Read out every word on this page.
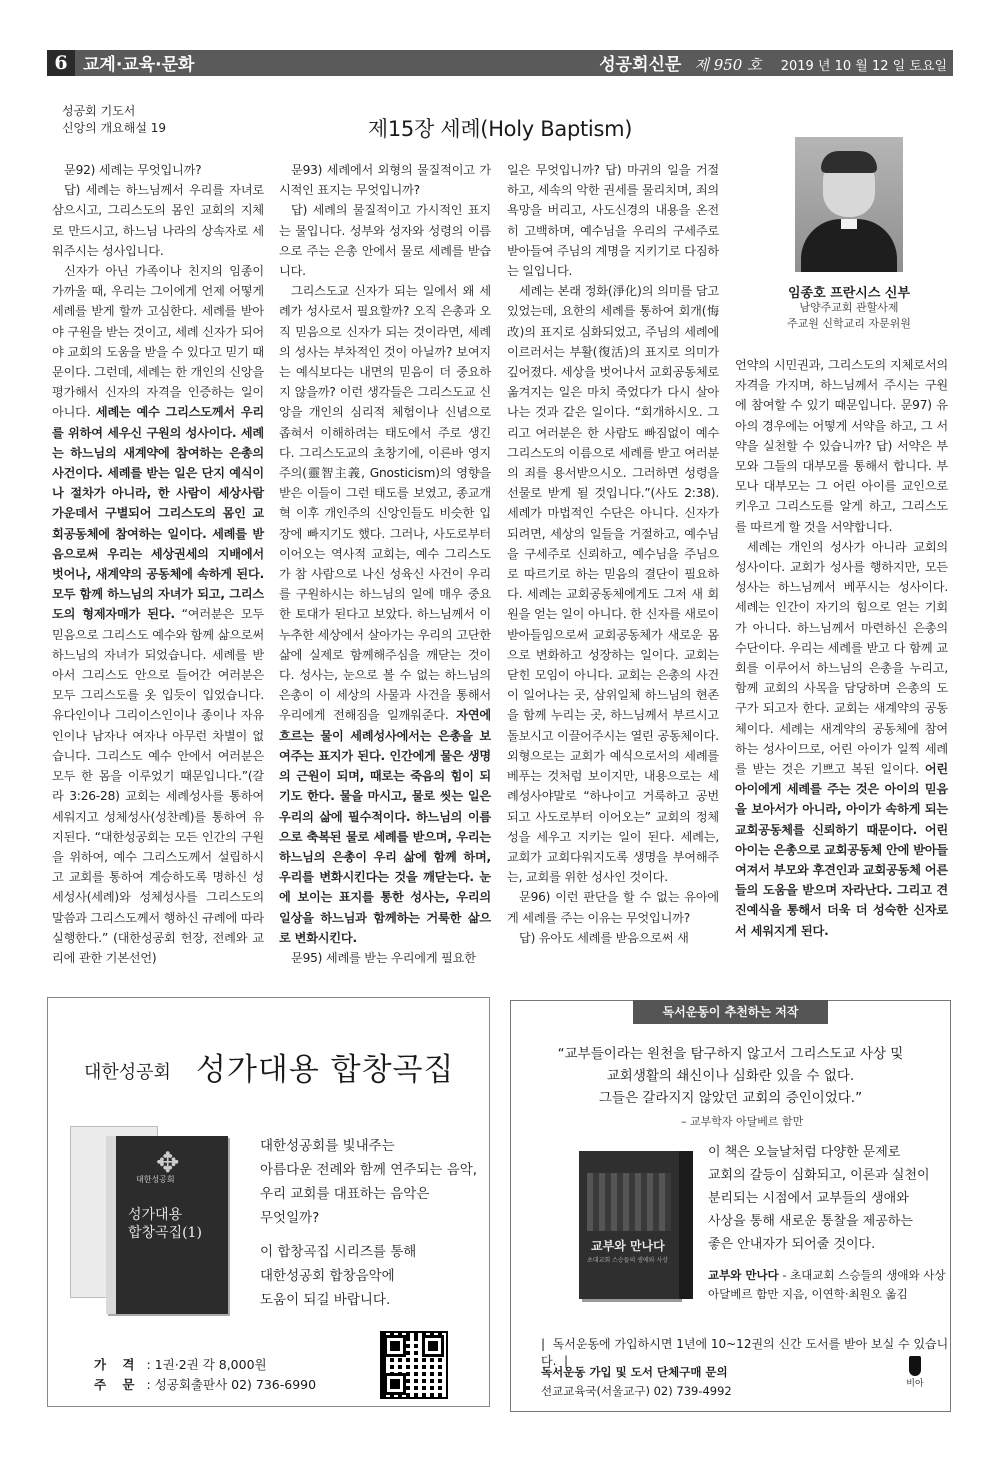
6 교계·교육·문화	성공회신문 제 950 호 2019 년 10 월 12 일 토요일
성공회 기도서
신앙의 개요해설 19	제15장 세례(Holy Baptism)

문92) 세례는 무엇입니까?

답) 세례는 하느님께서 우리를 자녀로 삼으시고, 그리스도의 몸인 교회의 지체로 만드시고, 하느님 나라의 상속자로 세워주시는 성사입니다.

신자가 아닌 가족이나 친지의 임종이 가까울 때, 우리는 그이에게 언제 어떻게 세례를 받게 할까 고심한다. 세례를 받아야 구원을 받는 것이고, 세례 신자가 되어야 교회의 도움을 받을 수 있다고 믿기 때문이다. 그런데, 세례는 한 개인의 신앙을 평가해서 신자의 자격을 인증하는 일이 아니다. 세례는 예수 그리스도께서 우리를 위하여 세우신 구원의 성사이다. 세례는 하느님의 새계약에 참여하는 은총의 사건이다. 세례를 받는 일은 단지 예식이나 절차가 아니라, 한 사람이 세상사람 가운데서 구별되어 그리스도의 몸인 교회공동체에 참여하는 일이다. 세례를 받음으로써 우리는 세상권세의 지배에서 벗어나, 새계약의 공동체에 속하게 된다. 모두 함께 하느님의 자녀가 되고, 그리스도의 형제자매가 된다. “여러분은 모두 믿음으로 그리스도 예수와 함께 삶으로써 하느님의 자녀가 되었습니다. 세례를 받아서 그리스도 안으로 들어간 여러분은 모두 그리스도를 옷 입듯이 입었습니다. 유다인이나 그리이스인이나 종이나 자유인이나 남자나 여자나 아무런 차별이 없습니다. 그리스도 예수 안에서 여러분은 모두 한 몸을 이루었기 때문입니다.”(갈라 3:26-28) 교회는 세례성사를 통하여 세워지고 성체성사(성찬례)를 통하여 유지된다. “대한성공회는 모든 인간의 구원을 위하여, 예수 그리스도께서 설립하시고 교회를 통하여 계승하도록 명하신 성세성사(세례)와 성체성사를 그리스도의 말씀과 그리스도께서 행하신 규례에 따라 실행한다.” (대한성공회 헌장, 전례와 교리에 관한 기본선언)

문93) 세례에서 외형의 물질적이고 가시적인 표지는 무엇입니까?

답) 세례의 물질적이고 가시적인 표지는 물입니다. 성부와 성자와 성령의 이름으로 주는 은총 안에서 물로 세례를 받습니다.

그리스도교 신자가 되는 일에서 왜 세례가 성사로서 필요할까? 오직 은총과 오직 믿음으로 신자가 되는 것이라면, 세례의 성사는 부차적인 것이 아닐까? 보여지는 예식보다는 내면의 믿음이 더 중요하지 않을까? 이런 생각들은 그리스도교 신앙을 개인의 심리적 체험이나 신념으로 좁혀서 이해하려는 태도에서 주로 생긴다. 그리스도교의 초창기에, 이른바 영지주의(靈智主義, Gnosticism)의 영향을 받은 이들이 그런 태도를 보였고, 종교개혁 이후 개인주의 신앙인들도 비슷한 입장에 빠지기도 했다. 그러나, 사도로부터 이어오는 역사적 교회는, 예수 그리스도가 참 사람으로 나신 성육신 사건이 우리를 구원하시는 하느님의 일에 매우 중요한 토대가 된다고 보았다. 하느님께서 이 누추한 세상에서 살아가는 우리의 고단한 삶에 실제로 함께해주심을 깨닫는 것이다. 성사는, 눈으로 볼 수 없는 하느님의 은총이 이 세상의 사물과 사건을 통해서 우리에게 전해짐을 일깨워준다. 자연에 흐르는 물이 세례성사에서는 은총을 보여주는 표지가 된다. 인간에게 물은 생명의 근원이 되며, 때로는 죽음의 힘이 되기도 한다. 물을 마시고, 물로 씻는 일은 우리의 삶에 필수적이다. 하느님의 이름으로 축복된 물로 세례를 받으며, 우리는 하느님의 은총이 우리 삶에 함께 하며, 우리를 변화시킨다는 것을 깨닫는다. 눈에 보이는 표지를 통한 성사는, 우리의 일상을 하느님과 함께하는 거룩한 삶으로 변화시킨다.

문95) 세례를 받는 우리에게 필요한

일은 무엇입니까? 답) 마귀의 일을 거절하고, 세속의 악한 권세를 물리치며, 죄의 욕망을 버리고, 사도신경의 내용을 온전히 고백하며, 예수님을 우리의 구세주로 받아들여 주님의 계명을 지키기로 다짐하는 일입니다.

세례는 본래 정화(淨化)의 의미를 담고 있었는데, 요한의 세례를 통하여 회개(悔改)의 표지로 심화되었고, 주님의 세례에 이르러서는 부활(復活)의 표지로 의미가 깊어졌다. 세상을 벗어나서 교회공동체로 옮겨지는 일은 마치 죽었다가 다시 살아나는 것과 같은 일이다. “회개하시오. 그리고 여러분은 한 사람도 빠짐없이 예수 그리스도의 이름으로 세례를 받고 여러분의 죄를 용서받으시오. 그러하면 성령을 선물로 받게 될 것입니다.”(사도 2:38). 세례가 마법적인 수단은 아니다. 신자가 되려면, 세상의 일들을 거절하고, 예수님을 구세주로 신뢰하고, 예수님을 주님으로 따르기로 하는 믿음의 결단이 필요하다. 세례는 교회공동체에게도 그저 새 회원을 얻는 일이 아니다. 한 신자를 새로이 받아들임으로써 교회공동체가 새로운 몸으로 변화하고 성장하는 일이다. 교회는 닫힌 모임이 아니다. 교회는 은총의 사건이 일어나는 곳, 삼위일체 하느님의 현존을 함께 누리는 곳, 하느님께서 부르시고 돌보시고 이끌어주시는 열린 공동체이다. 외형으로는 교회가 예식으로서의 세례를 베푸는 것처럼 보이지만, 내용으로는 세례성사야말로 “하나이고 거룩하고 공번되고 사도로부터 이어오는” 교회의 정체성을 세우고 지키는 일이 된다. 세례는, 교회가 교회다워지도록 생명을 부여해주는, 교회를 위한 성사인 것이다.

문96) 이런 판단을 할 수 없는 유아에게 세례를 주는 이유는 무엇입니까?

답) 유아도 세례를 받음으로써 새

언약의 시민권과, 그리스도의 지체로서의 자격을 가지며, 하느님께서 주시는 구원에 참여할 수 있기 때문입니다. 문97) 유아의 경우에는 어떻게 서약을 하고, 그 서약을 실천할 수 있습니까? 답) 서약은 부모와 그들의 대부모를 통해서 합니다. 부모나 대부모는 그 어린 아이를 교인으로 키우고 그리스도를 알게 하고, 그리스도를 따르게 할 것을 서약합니다.

세례는 개인의 성사가 아니라 교회의 성사이다. 교회가 성사를 행하지만, 모든 성사는 하느님께서 베푸시는 성사이다. 세례는 인간이 자기의 힘으로 얻는 기회가 아니다. 하느님께서 마련하신 은총의 수단이다. 우리는 세례를 받고 다 함께 교회를 이루어서 하느님의 은총을 누리고, 함께 교회의 사목을 담당하며 은총의 도구가 되고자 한다. 교회는 새계약의 공동체이다. 세례는 새계약의 공동체에 참여하는 성사이므로, 어린 아이가 일찍 세례를 받는 것은 기쁘고 복된 일이다. 어린 아이에게 세례를 주는 것은 아이의 믿음을 보아서가 아니라, 아이가 속하게 되는 교회공동체를 신뢰하기 때문이다. 어린 아이는 은총으로 교회공동체 안에 받아들여져서 부모와 후견인과 교회공동체 어른들의 도움을 받으며 자라난다. 그리고 견진예식을 통해서 더욱 더 성숙한 신자로서 세워지게 된다.

임종호 프란시스 신부
남양주교회 관할사제
주교원 신학교리 자문위원
대한성공회 성가대용 합창곡집
✥
대한성공회
성가대용
합창곡집(1)
대한성공회를 빛내주는
아름다운 전례와 함께 연주되는 음악,
우리 교회를 대표하는 음악은
무엇일까?
이 합창곡집 시리즈를 통해
대한성공회 합창음악에
도움이 되길 바랍니다.
가 격 : 1권·2권 각 8,000원
주 문 : 성공회출판사 02) 736-6990
독서운동이 추천하는 저작
“교부들이라는 원천을 탐구하지 않고서 그리스도교 사상 및
교회생활의 쇄신이나 심화란 있을 수 없다.
그들은 갈라지지 않았던 교회의 증인이었다.”
– 교부학자 아달베르 함만
교부와 만나다
초대교회 스승들의 생애와 사상
이 책은 오늘날처럼 다양한 문제로
교회의 갈등이 심화되고, 이론과 실천이
분리되는 시점에서 교부들의 생애와
사상을 통해 새로운 통찰을 제공하는
좋은 안내자가 되어줄 것이다.
교부와 만나다 - 초대교회 스승들의 생애와 사상
아달베르 함만 지음, 이연학·최원오 옮김
|  독서운동에 가입하시면 1년에 10~12권의 신간 도서를 받아 보실 수 있습니다.  |
독서운동 가입 및 도서 단체구매 문의
선교교육국(서울교구) 02) 739-4992	비아
